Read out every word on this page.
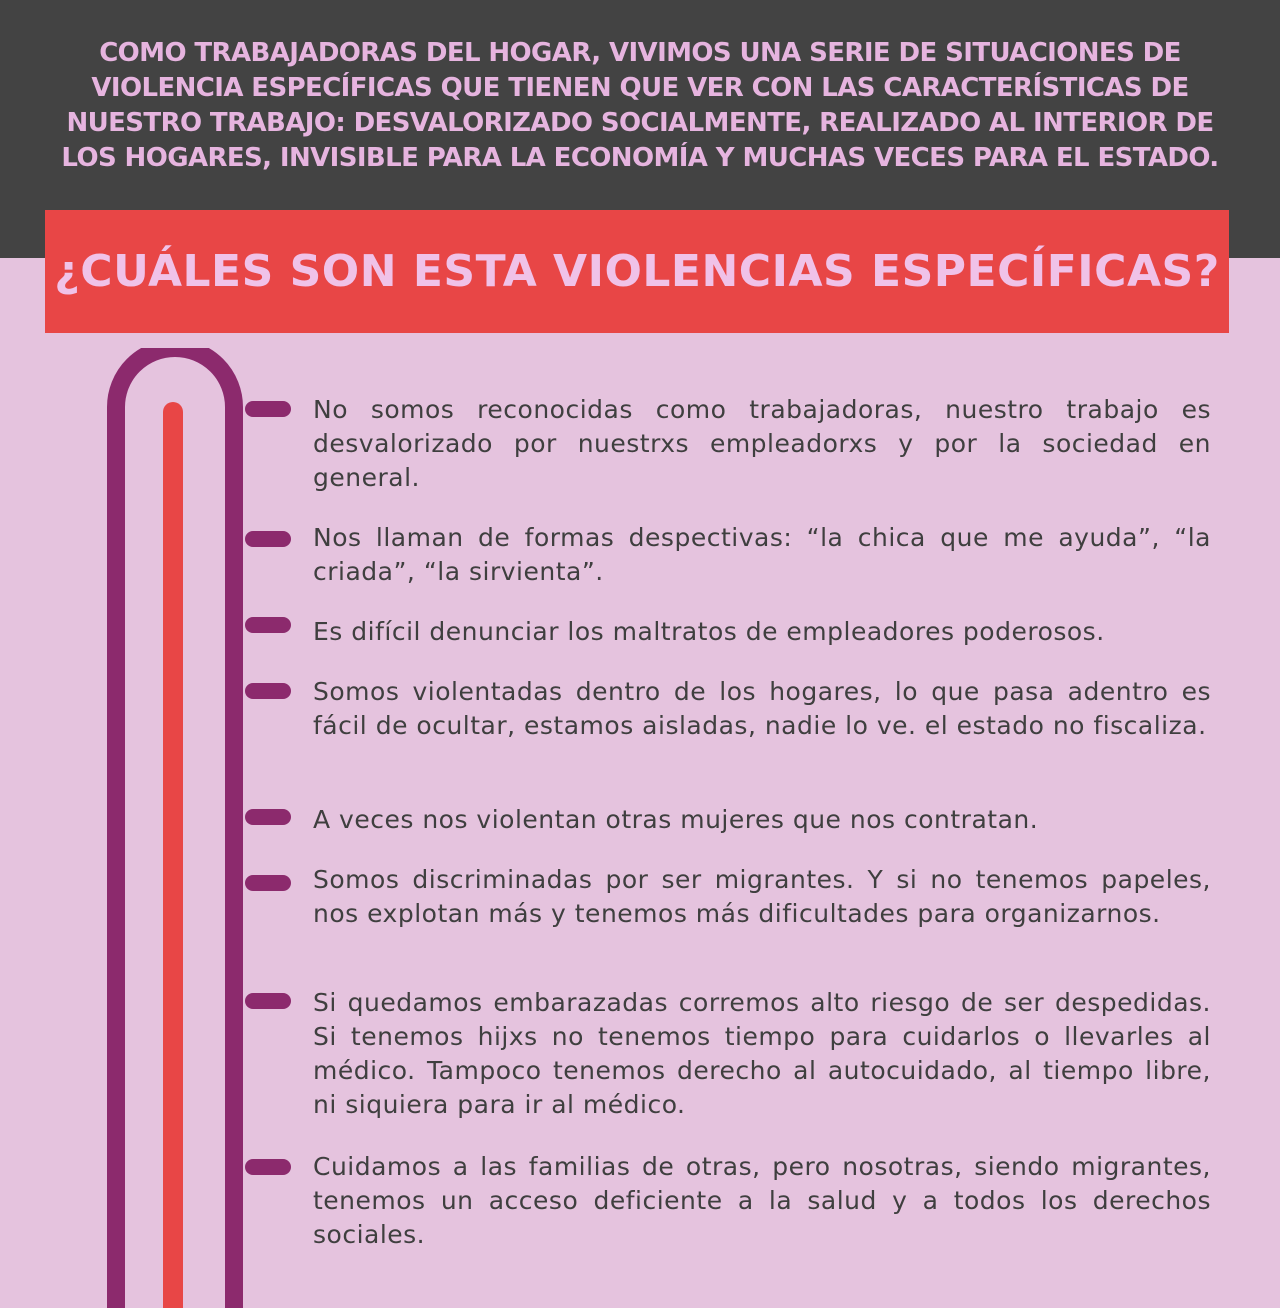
COMO TRABAJADORAS DEL HOGAR, VIVIMOS UNA SERIE DE SITUACIONES DE VIOLENCIA ESPECÍFICAS QUE TIENEN QUE VER CON LAS CARACTERÍSTICAS DE NUESTRO TRABAJO: DESVALORIZADO SOCIALMENTE, REALIZADO AL INTERIOR DE LOS HOGARES, INVISIBLE PARA LA ECONOMÍA Y MUCHAS VECES PARA EL ESTADO.

¿CUÁLES SON ESTA VIOLENCIAS ESPECÍFICAS?

No somos reconocidas como trabajadoras, nuestro trabajo es desvalorizado por nuestrxs empleadorxs y por la sociedad en general.

Nos llaman de formas despectivas: “la chica que me ayuda”, “la criada”, “la sirvienta”.

Es difícil denunciar los maltratos de empleadores poderosos.

Somos violentadas dentro de los hogares, lo que pasa adentro es fácil de ocultar, estamos aisladas, nadie lo ve. el estado no fiscaliza.

A veces nos violentan otras mujeres que nos contratan.

Somos discriminadas por ser migrantes. Y si no tenemos papeles, nos explotan más y tenemos más dificultades para organizarnos.

Si quedamos embarazadas corremos alto riesgo de ser despedidas. Si tenemos hijxs no tenemos tiempo para cuidarlos o llevarles al médico. Tampoco tenemos derecho al autocuidado, al tiempo libre, ni siquiera para ir al médico.

Cuidamos a las familias de otras, pero nosotras, siendo migrantes, tenemos un acceso deficiente a la salud y a todos los derechos sociales.
